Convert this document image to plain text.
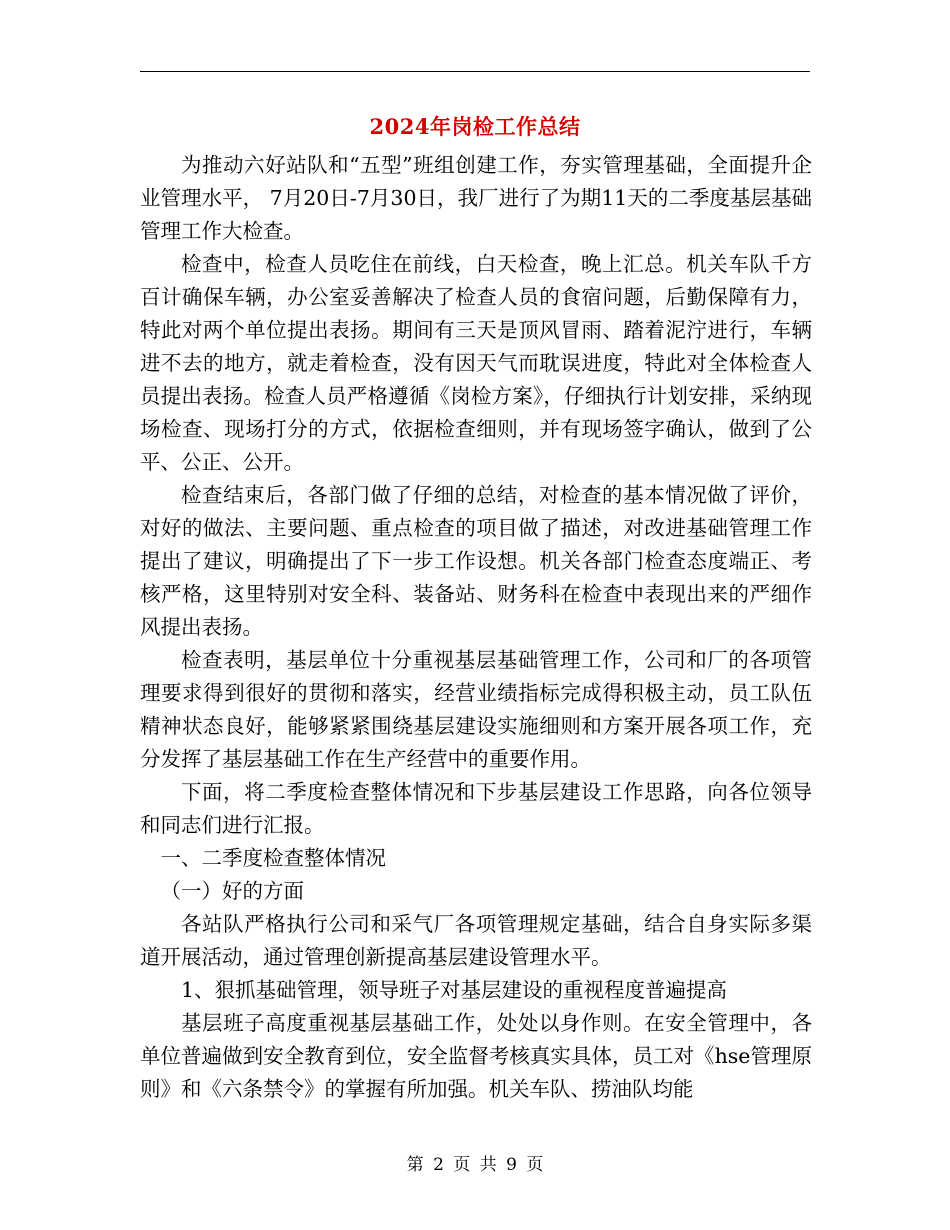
2024年岗检工作总结

为推动六好站队和“五型”班组创建工作，夯实管理基础，全面提升企业管理水平， 7月20日-7月30日，我厂进行了为期11天的二季度基层基础管理工作大检查。

检查中，检查人员吃住在前线，白天检查，晚上汇总。机关车队千方百计确保车辆，办公室妥善解决了检查人员的食宿问题，后勤保障有力，特此对两个单位提出表扬。期间有三天是顶风冒雨、踏着泥泞进行，车辆进不去的地方，就走着检查，没有因天气而耽误进度，特此对全体检查人员提出表扬。检查人员严格遵循《岗检方案》，仔细执行计划安排，采纳现场检查、现场打分的方式，依据检查细则，并有现场签字确认，做到了公平、公正、公开。

检查结束后，各部门做了仔细的总结，对检查的基本情况做了评价，对好的做法、主要问题、重点检查的项目做了描述，对改进基础管理工作提出了建议，明确提出了下一步工作设想。机关各部门检查态度端正、考核严格，这里特别对安全科、装备站、财务科在检查中表现出来的严细作风提出表扬。

检查表明，基层单位十分重视基层基础管理工作，公司和厂的各项管理要求得到很好的贯彻和落实，经营业绩指标完成得积极主动，员工队伍精神状态良好，能够紧紧围绕基层建设实施细则和方案开展各项工作，充分发挥了基层基础工作在生产经营中的重要作用。

下面，将二季度检查整体情况和下步基层建设工作思路，向各位领导和同志们进行汇报。

一、二季度检查整体情况

（一）好的方面

各站队严格执行公司和采气厂各项管理规定基础，结合自身实际多渠道开展活动，通过管理创新提高基层建设管理水平。

1、狠抓基础管理，领导班子对基层建设的重视程度普遍提高

基层班子高度重视基层基础工作，处处以身作则。在安全管理中，各单位普遍做到安全教育到位，安全监督考核真实具体，员工对《hse管理原则》和《六条禁令》的掌握有所加强。机关车队、捞油队均能

第 2 页 共 9 页
